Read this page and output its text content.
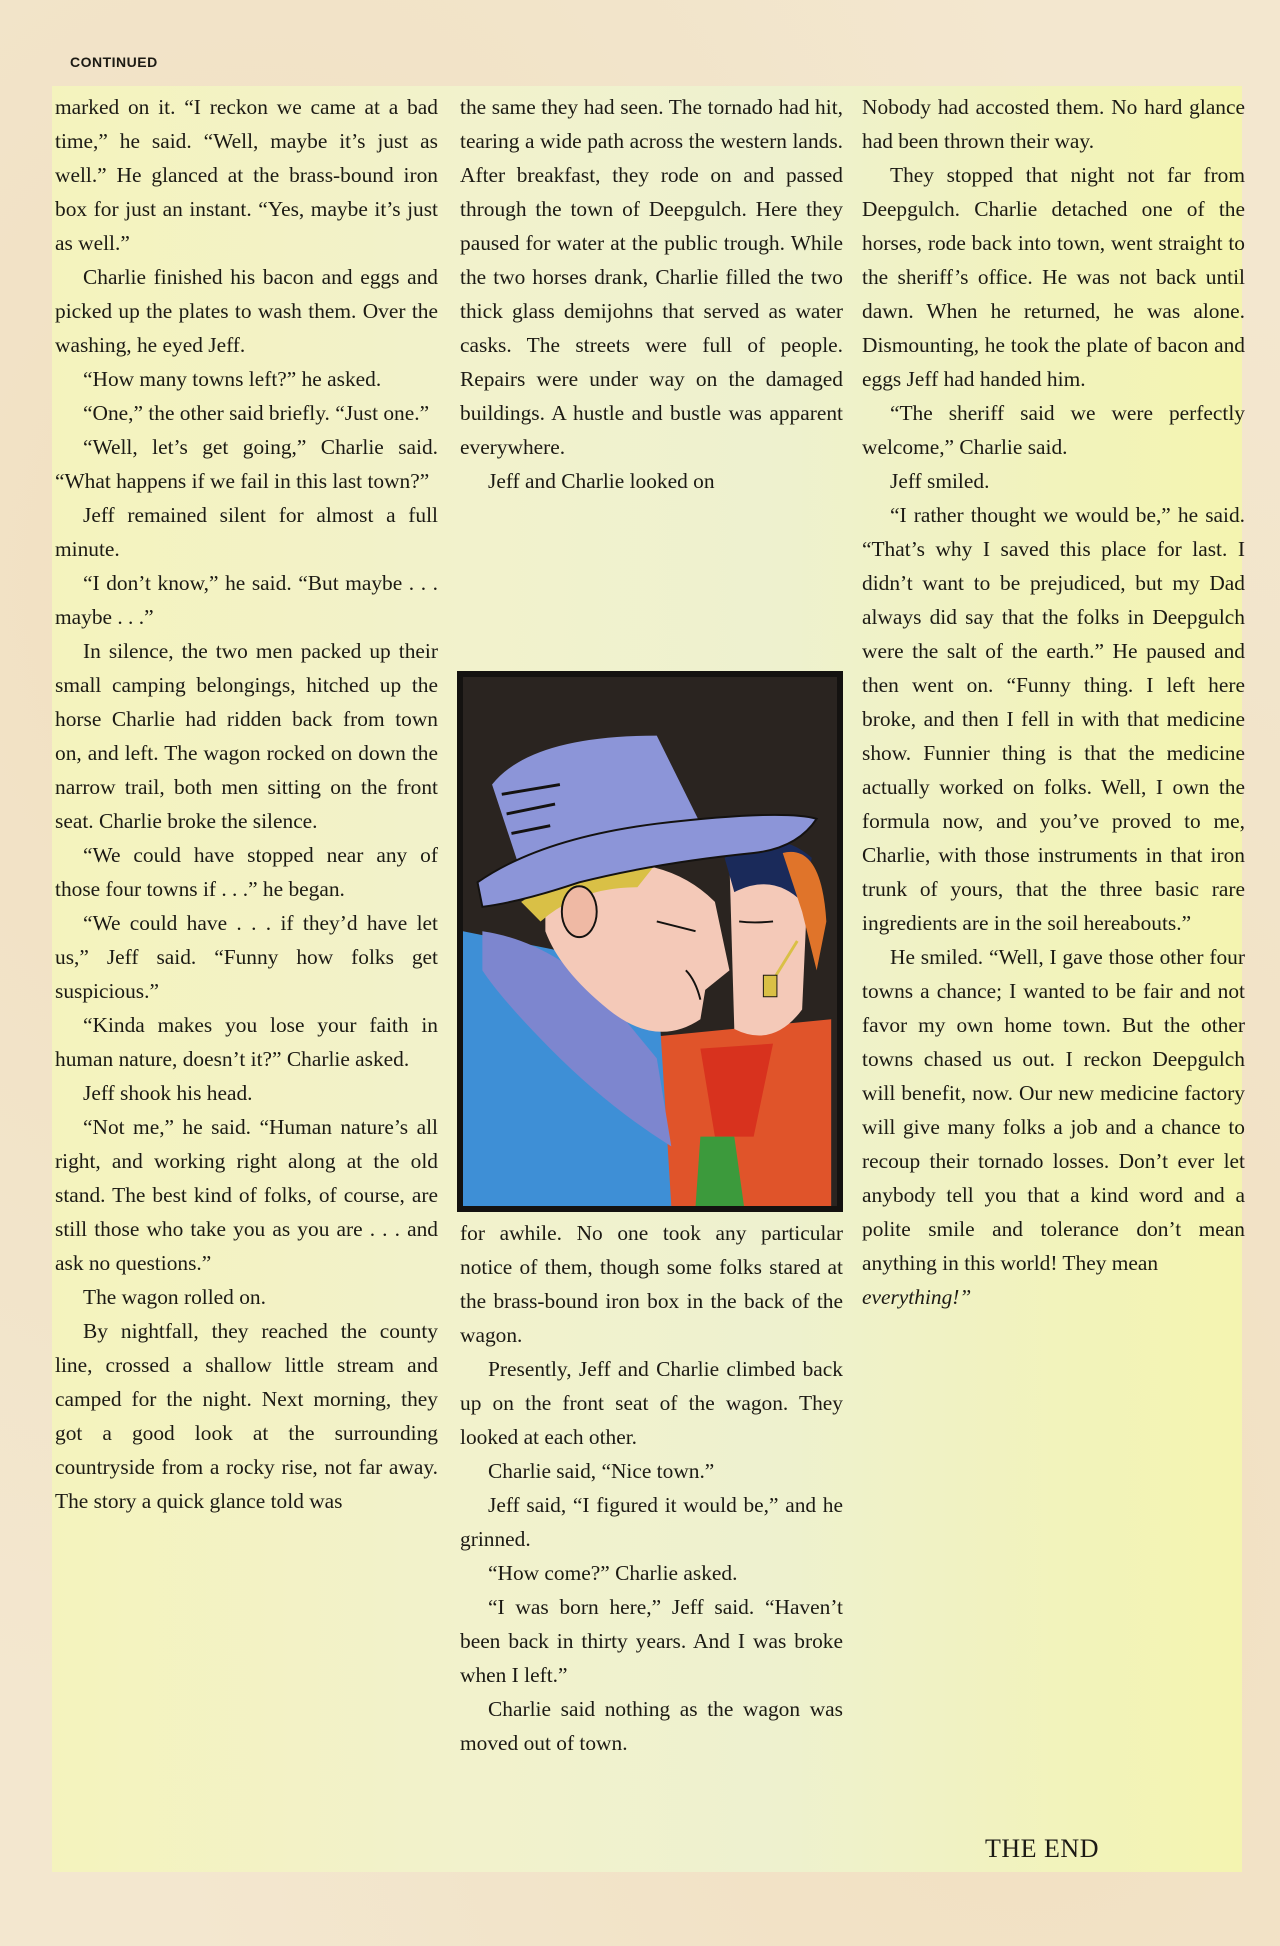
CONTINUED

marked on it. “I reckon we came at a bad time,” he said. “Well, maybe it’s just as well.” He glanced at the brass-bound iron box for just an instant. “Yes, maybe it’s just as well.”

Charlie finished his bacon and eggs and picked up the plates to wash them. Over the washing, he eyed Jeff.

“How many towns left?” he asked.

“One,” the other said briefly. “Just one.”

“Well, let’s get going,” Charlie said. “What happens if we fail in this last town?”

Jeff remained silent for almost a full minute.

“I don’t know,” he said. “But maybe . . . maybe . . .”

In silence, the two men packed up their small camping belongings, hitched up the horse Charlie had ridden back from town on, and left. The wagon rocked on down the narrow trail, both men sitting on the front seat. Charlie broke the silence.

“We could have stopped near any of those four towns if . . .” he began.

“We could have . . . if they’d have let us,” Jeff said. “Funny how folks get suspicious.”

“Kinda makes you lose your faith in human nature, doesn’t it?” Charlie asked.

Jeff shook his head.

“Not me,” he said. “Human nature’s all right, and working right along at the old stand. The best kind of folks, of course, are still those who take you as you are . . . and ask no questions.”

The wagon rolled on.

By nightfall, they reached the county line, crossed a shallow little stream and camped for the night. Next morning, they got a good look at the surrounding countryside from a rocky rise, not far away. The story a quick glance told was

the same they had seen. The tornado had hit, tearing a wide path across the western lands. After breakfast, they rode on and passed through the town of Deepgulch. Here they paused for water at the public trough. While the two horses drank, Charlie filled the two thick glass demijohns that served as water casks. The streets were full of people. Repairs were under way on the damaged buildings. A hustle and bustle was apparent everywhere.

Jeff and Charlie looked on

for awhile. No one took any particular notice of them, though some folks stared at the brass-bound iron box in the back of the wagon.

Presently, Jeff and Charlie climbed back up on the front seat of the wagon. They looked at each other.

Charlie said, “Nice town.”

Jeff said, “I figured it would be,” and he grinned.

“How come?” Charlie asked.

“I was born here,” Jeff said. “Haven’t been back in thirty years. And I was broke when I left.”

Charlie said nothing as the wagon was moved out of town.

Nobody had accosted them. No hard glance had been thrown their way.

They stopped that night not far from Deepgulch. Charlie detached one of the horses, rode back into town, went straight to the sheriff’s office. He was not back until dawn. When he returned, he was alone. Dismounting, he took the plate of bacon and eggs Jeff had handed him.

“The sheriff said we were perfectly welcome,” Charlie said.

Jeff smiled.

“I rather thought we would be,” he said. “That’s why I saved this place for last. I didn’t want to be prejudiced, but my Dad always did say that the folks in Deepgulch were the salt of the earth.” He paused and then went on. “Funny thing. I left here broke, and then I fell in with that medicine show. Funnier thing is that the medicine actually worked on folks. Well, I own the formula now, and you’ve proved to me, Charlie, with those instruments in that iron trunk of yours, that the three basic rare ingredients are in the soil hereabouts.”

He smiled. “Well, I gave those other four towns a chance; I wanted to be fair and not favor my own home town. But the other towns chased us out. I reckon Deepgulch will benefit, now. Our new medicine factory will give many folks a job and a chance to recoup their tornado losses. Don’t ever let anybody tell you that a kind word and a polite smile and tolerance don’t mean anything in this world! They mean

everything!”

THE END
